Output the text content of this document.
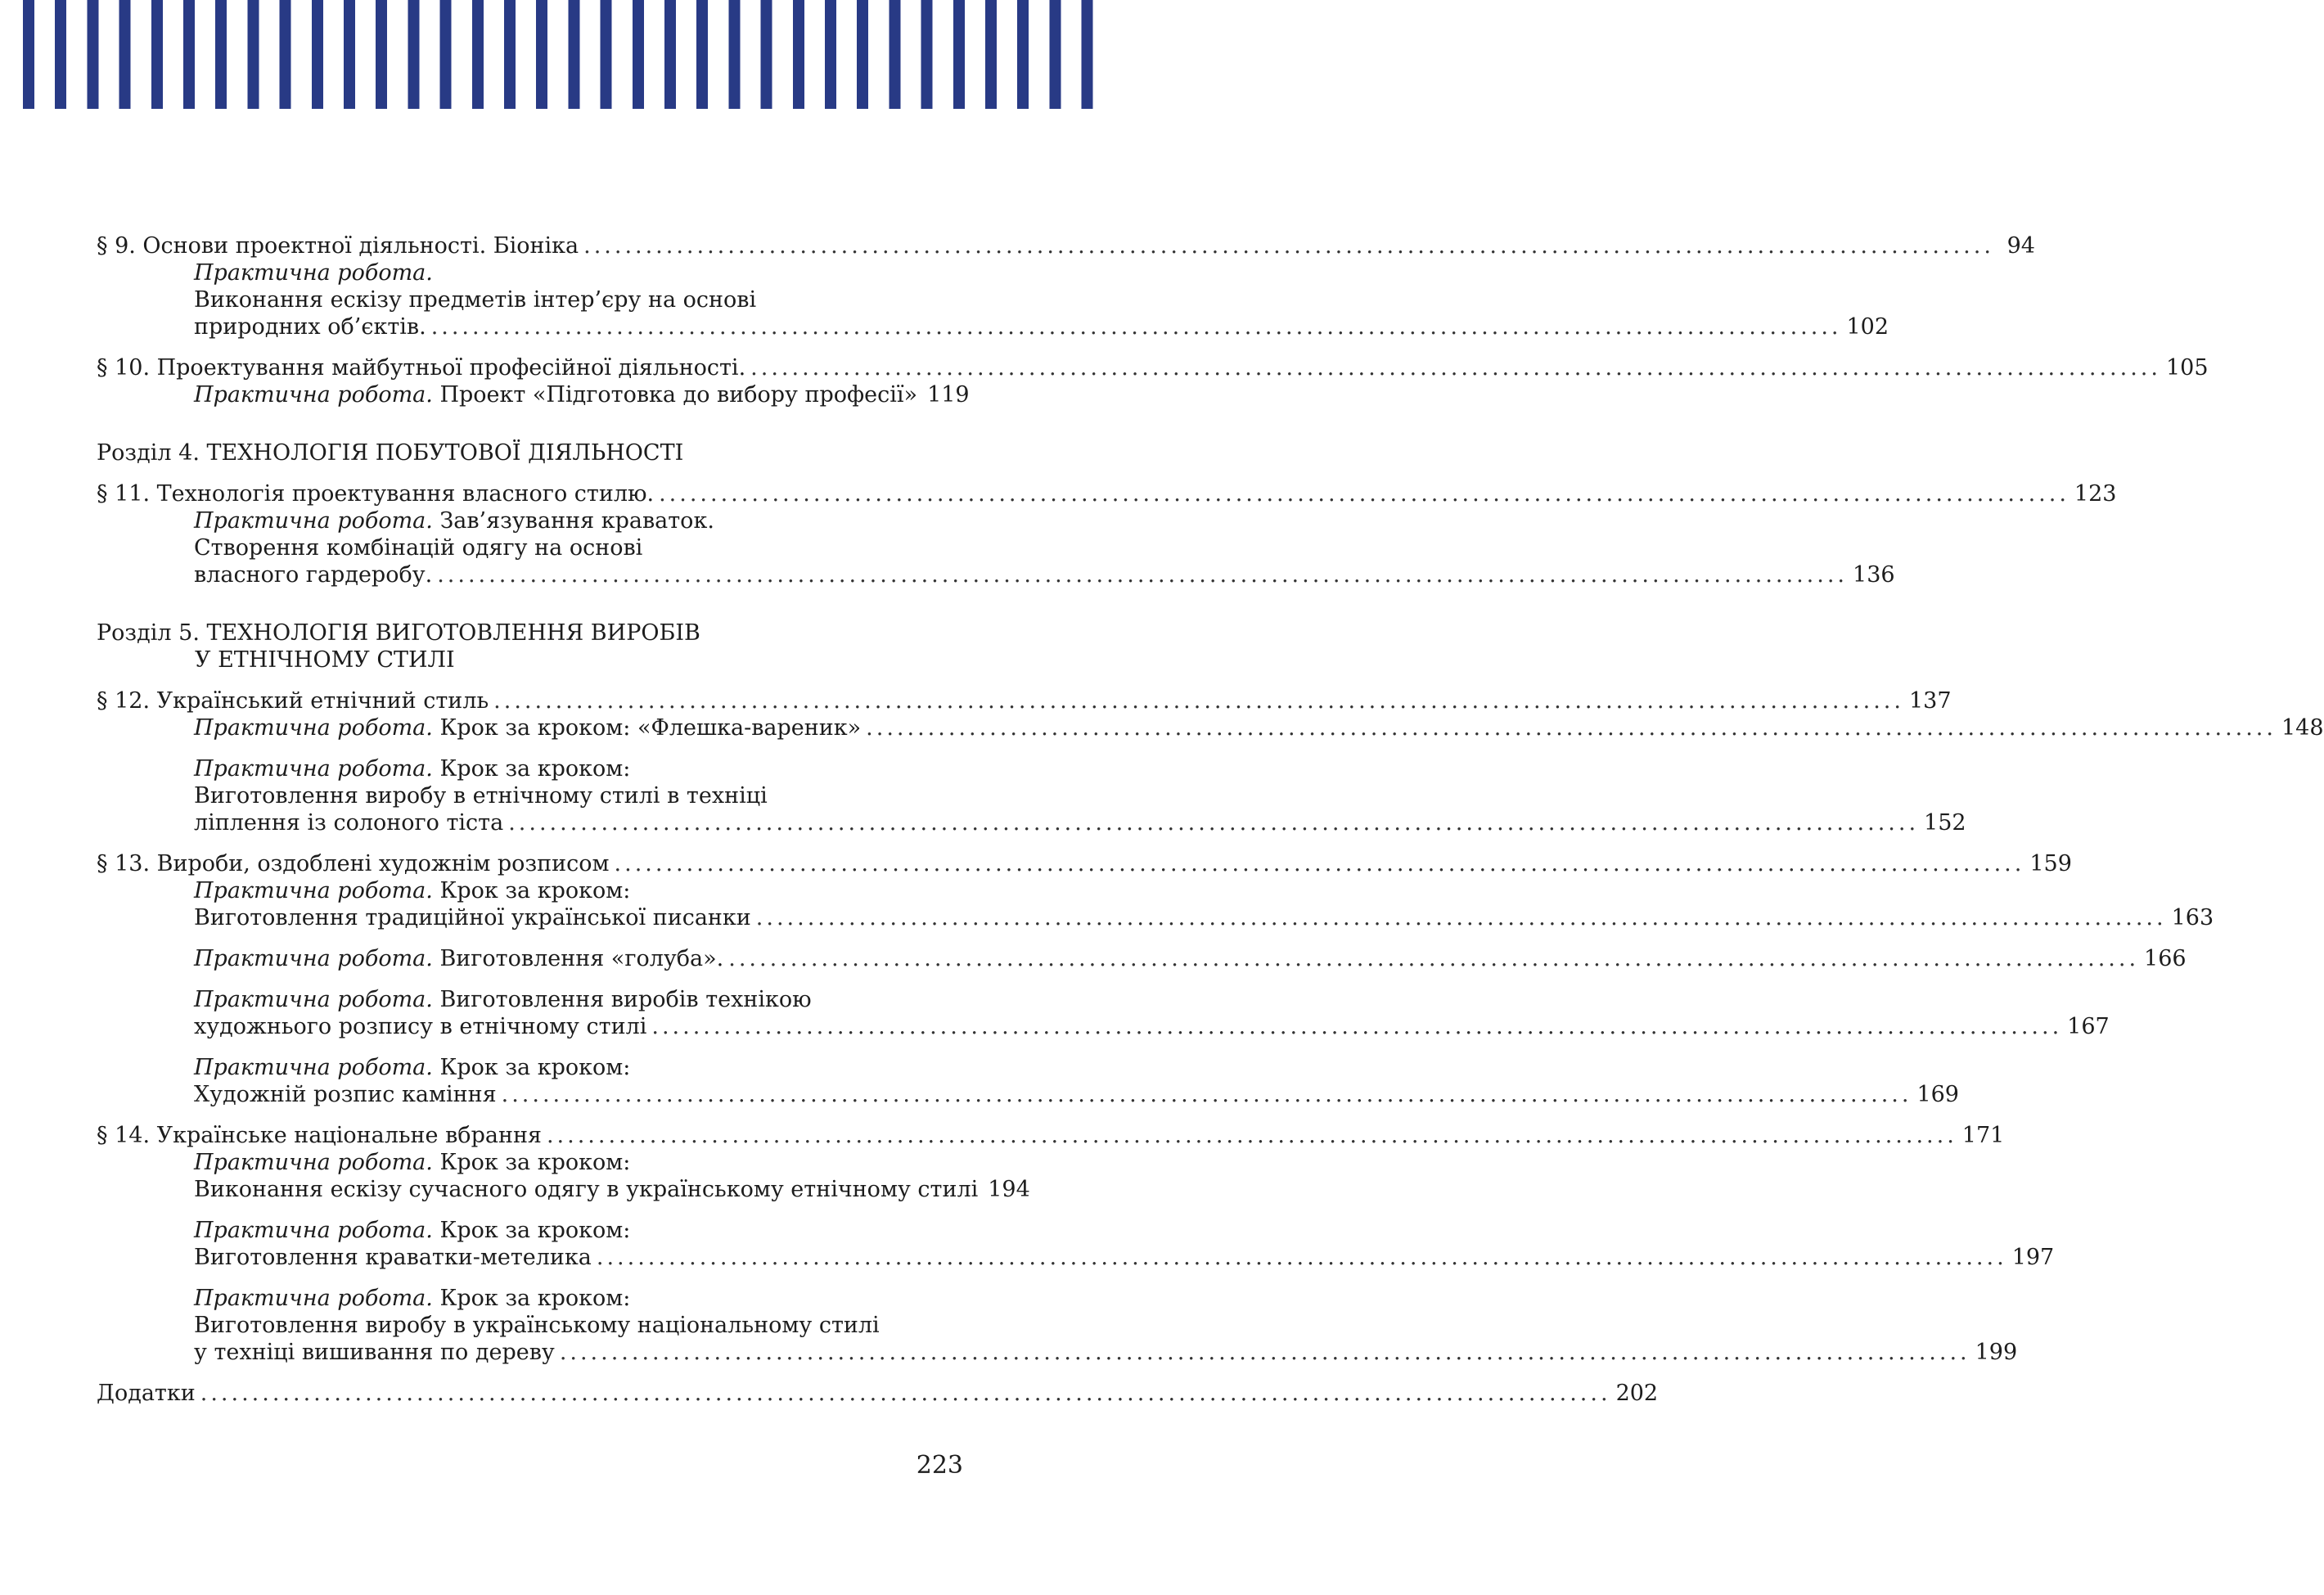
§ 9. Основи проектної діяльності. Біоніка ......................................................................................................................................... 94
Практична робота.
Виконання ескізу предметів інтер’єру на основі
природних об’єктів. ......................................................................................................................................... 102
§ 10. Проектування майбутньої професійної діяльності. ......................................................................................................................................... 105
Практична робота. Проект «Підготовка до вибору професії» 119
Розділ 4. ТЕХНОЛОГІЯ ПОБУТОВОЇ ДІЯЛЬНОСТІ
§ 11. Технологія проектування власного стилю. ......................................................................................................................................... 123
Практична робота. Зав’язування краваток.
Створення комбінацій одягу на основі
власного гардеробу. ......................................................................................................................................... 136
Розділ 5. ТЕХНОЛОГІЯ ВИГОТОВЛЕННЯ ВИРОБІВ
У ЕТНІЧНОМУ СТИЛІ
§ 12. Український етнічний стиль ......................................................................................................................................... 137
Практична робота. Крок за кроком: «Флешка-вареник» ......................................................................................................................................... 148
Практична робота. Крок за кроком:
Виготовлення виробу в етнічному стилі в техніці
ліплення із солоного тіста ......................................................................................................................................... 152
§ 13. Вироби, оздоблені художнім розписом ......................................................................................................................................... 159
Практична робота. Крок за кроком:
Виготовлення традиційної української писанки ......................................................................................................................................... 163
Практична робота. Виготовлення «голуба». ......................................................................................................................................... 166
Практична робота. Виготовлення виробів технікою
художнього розпису в етнічному стилі ......................................................................................................................................... 167
Практична робота. Крок за кроком:
Художній розпис каміння ......................................................................................................................................... 169
§ 14. Українське національне вбрання ......................................................................................................................................... 171
Практична робота. Крок за кроком:
Виконання ескізу сучасного одягу в українському етнічному стилі 194
Практична робота. Крок за кроком:
Виготовлення краватки-метелика ......................................................................................................................................... 197
Практична робота. Крок за кроком:
Виготовлення виробу в українському національному стилі
у техніці вишивання по дереву ......................................................................................................................................... 199
Додатки ......................................................................................................................................... 202
223
